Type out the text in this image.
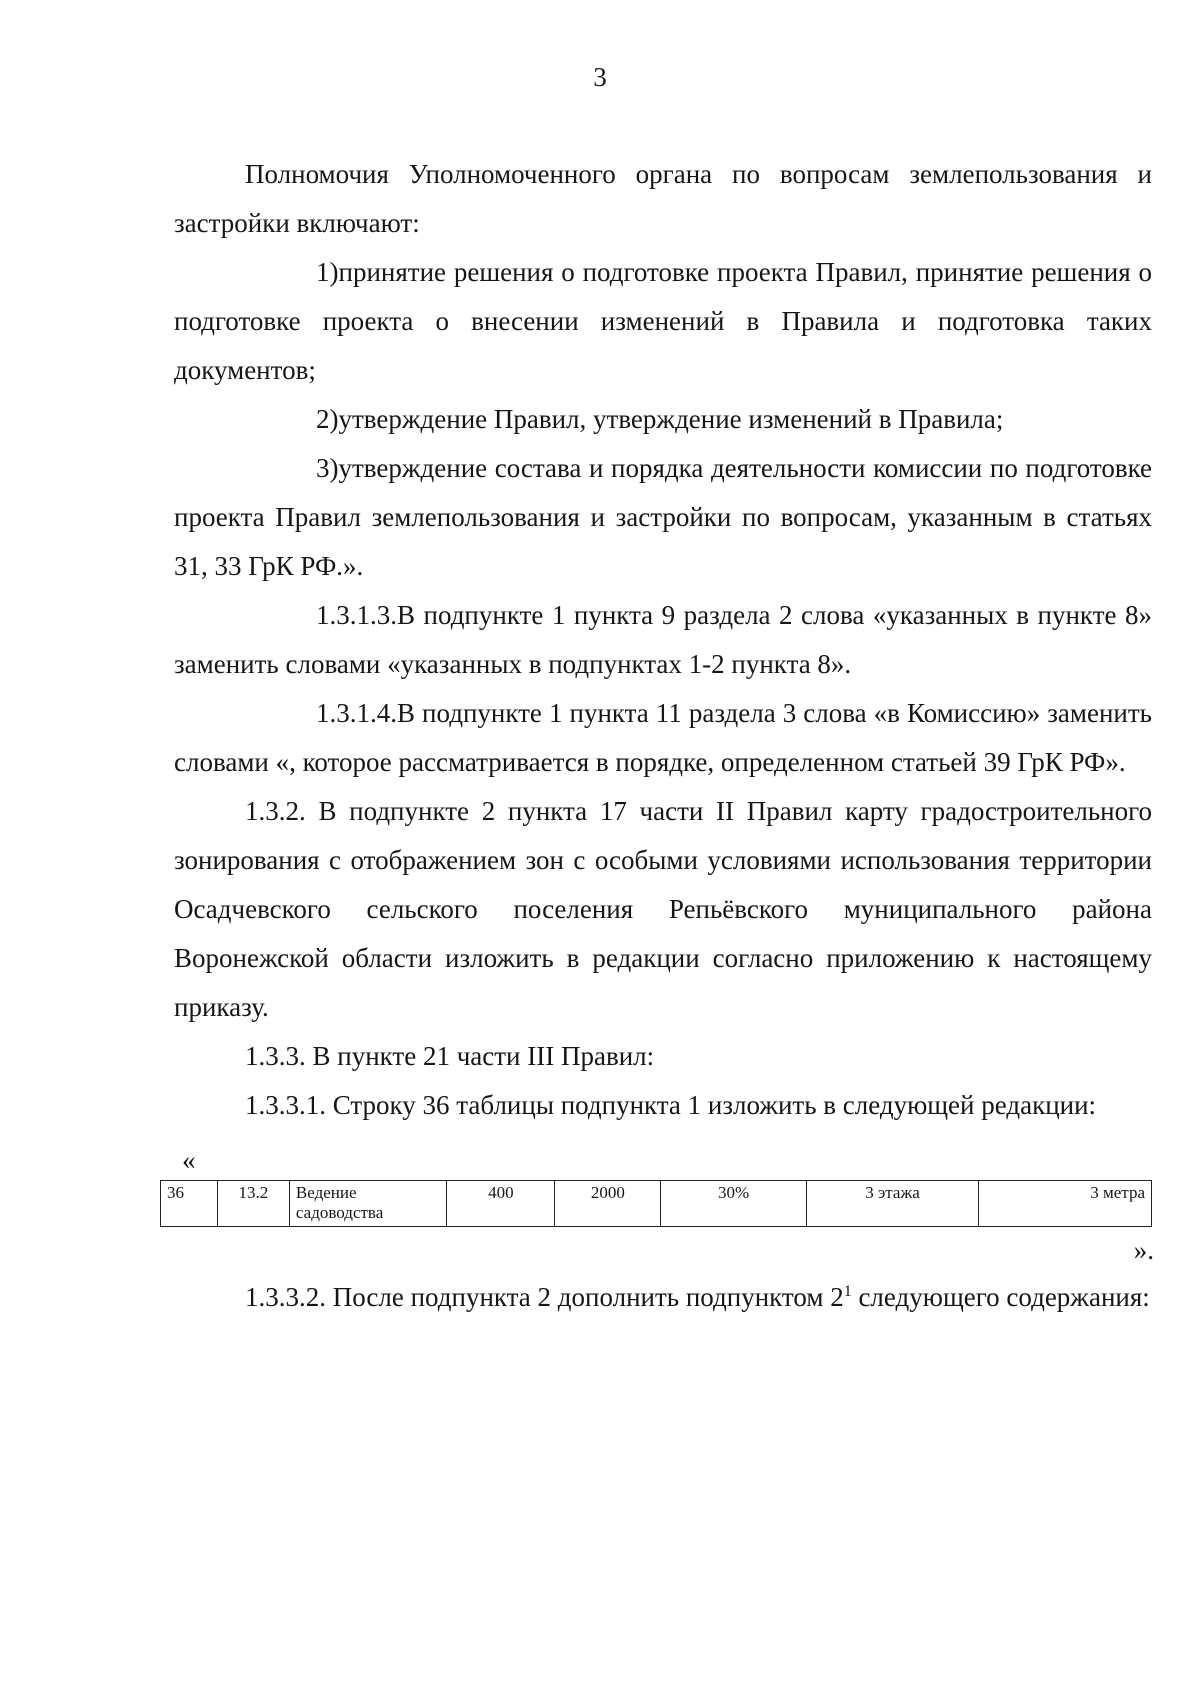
3

Полномочия Уполномоченного органа по вопросам землепользования и застройки включают:

1)принятие решения о подготовке проекта Правил, принятие решения о подготовке проекта о внесении изменений в Правила и подготовка таких документов;

2)утверждение Правил, утверждение изменений в Правила;

3)утверждение состава и порядка деятельности комиссии по подготовке проекта Правил землепользования и застройки по вопросам, указанным в статьях 31, 33 ГрК РФ.».

1.3.1.3.В подпункте 1 пункта 9 раздела 2 слова «указанных в пункте 8» заменить словами «указанных в подпунктах 1-2 пункта 8».

1.3.1.4.В подпункте 1 пункта 11 раздела 3 слова «в Комиссию» заменить словами «, которое рассматривается в порядке, определенном статьей 39 ГрК РФ».

1.3.2. В подпункте 2 пункта 17 части II Правил карту градостроительного зонирования с отображением зон с особыми условиями использования территории Осадчевского сельского поселения Репьёвского муниципального района Воронежской области изложить в редакции согласно приложению к настоящему приказу.

1.3.3. В пункте 21 части III Правил:

1.3.3.1. Строку 36 таблицы подпункта 1 изложить в следующей редакции:

«
36	13.2	Ведение садоводства	400	2000	30%	3 этажа	3 метра
».

1.3.3.2. После подпункта 2 дополнить подпунктом $2^1$ следующего содержания:
